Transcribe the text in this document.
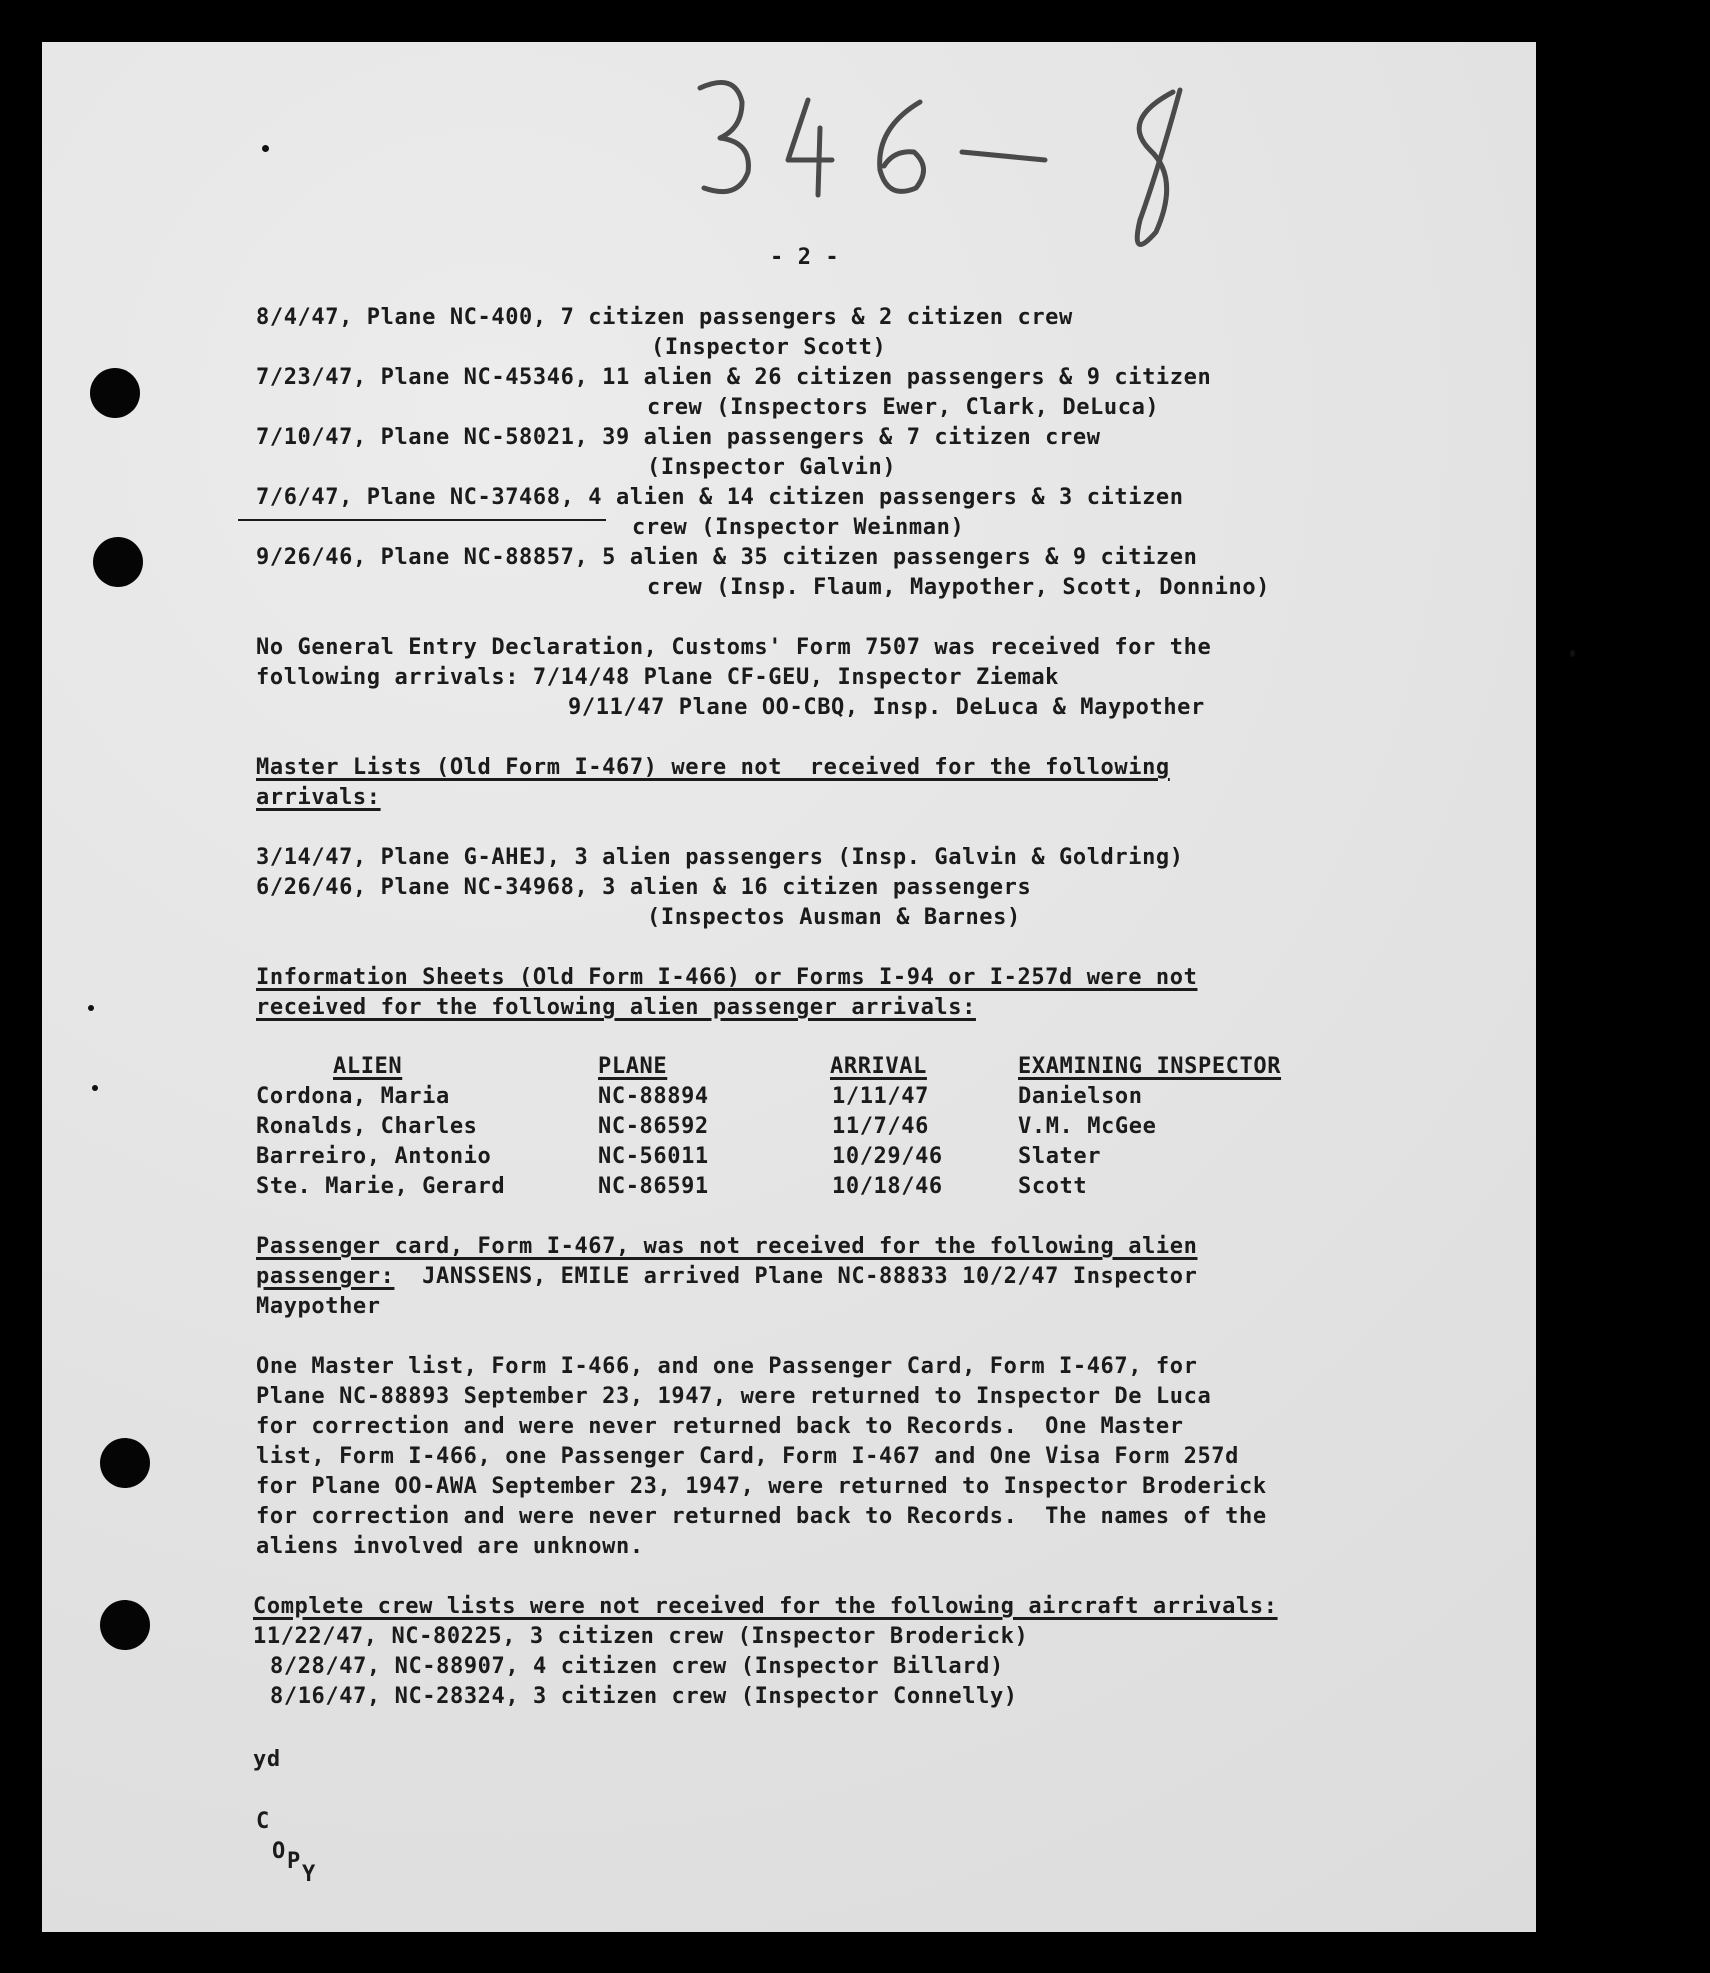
- 2 -
8/4/47, Plane NC-400, 7 citizen passengers & 2 citizen crew
(Inspector Scott)
7/23/47, Plane NC-45346, 11 alien & 26 citizen passengers & 9 citizen
crew (Inspectors Ewer, Clark, DeLuca)
7/10/47, Plane NC-58021, 39 alien passengers & 7 citizen crew
(Inspector Galvin)
7/6/47, Plane NC-37468, 4 alien & 14 citizen passengers & 3 citizen
crew (Inspector Weinman)
9/26/46, Plane NC-88857, 5 alien & 35 citizen passengers & 9 citizen
crew (Insp. Flaum, Maypother, Scott, Donnino)
No General Entry Declaration, Customs' Form 7507 was received for the
following arrivals: 7/14/48 Plane CF-GEU, Inspector Ziemak
9/11/47 Plane OO-CBQ, Insp. DeLuca & Maypother
Master Lists (Old Form I-467) were not  received for the following
arrivals:
3/14/47, Plane G-AHEJ, 3 alien passengers (Insp. Galvin & Goldring)
6/26/46, Plane NC-34968, 3 alien & 16 citizen passengers
(Inspectos Ausman & Barnes)
Information Sheets (Old Form I-466) or Forms I-94 or I-257d were not
received for the following alien passenger arrivals:
ALIEN	PLANE	ARRIVAL	EXAMINING INSPECTOR
Cordona, Maria	NC-88894	1/11/47	Danielson
Ronalds, Charles	NC-86592	11/7/46	V.M. McGee
Barreiro, Antonio	NC-56011	10/29/46	Slater
Ste. Marie, Gerard	NC-86591	10/18/46	Scott
Passenger card, Form I-467, was not received for the following alien
passenger:  JANSSENS, EMILE arrived Plane NC-88833 10/2/47 Inspector
Maypother
One Master list, Form I-466, and one Passenger Card, Form I-467, for
Plane NC-88893 September 23, 1947, were returned to Inspector De Luca
for correction and were never returned back to Records.  One Master
list, Form I-466, one Passenger Card, Form I-467 and One Visa Form 257d
for Plane OO-AWA September 23, 1947, were returned to Inspector Broderick
for correction and were never returned back to Records.  The names of the
aliens involved are unknown.
Complete crew lists were not received for the following aircraft arrivals:
11/22/47, NC-80225, 3 citizen crew (Inspector Broderick)
8/28/47, NC-88907, 4 citizen crew (Inspector Billard)
8/16/47, NC-28324, 3 citizen crew (Inspector Connelly)
yd
C
O P
Y
